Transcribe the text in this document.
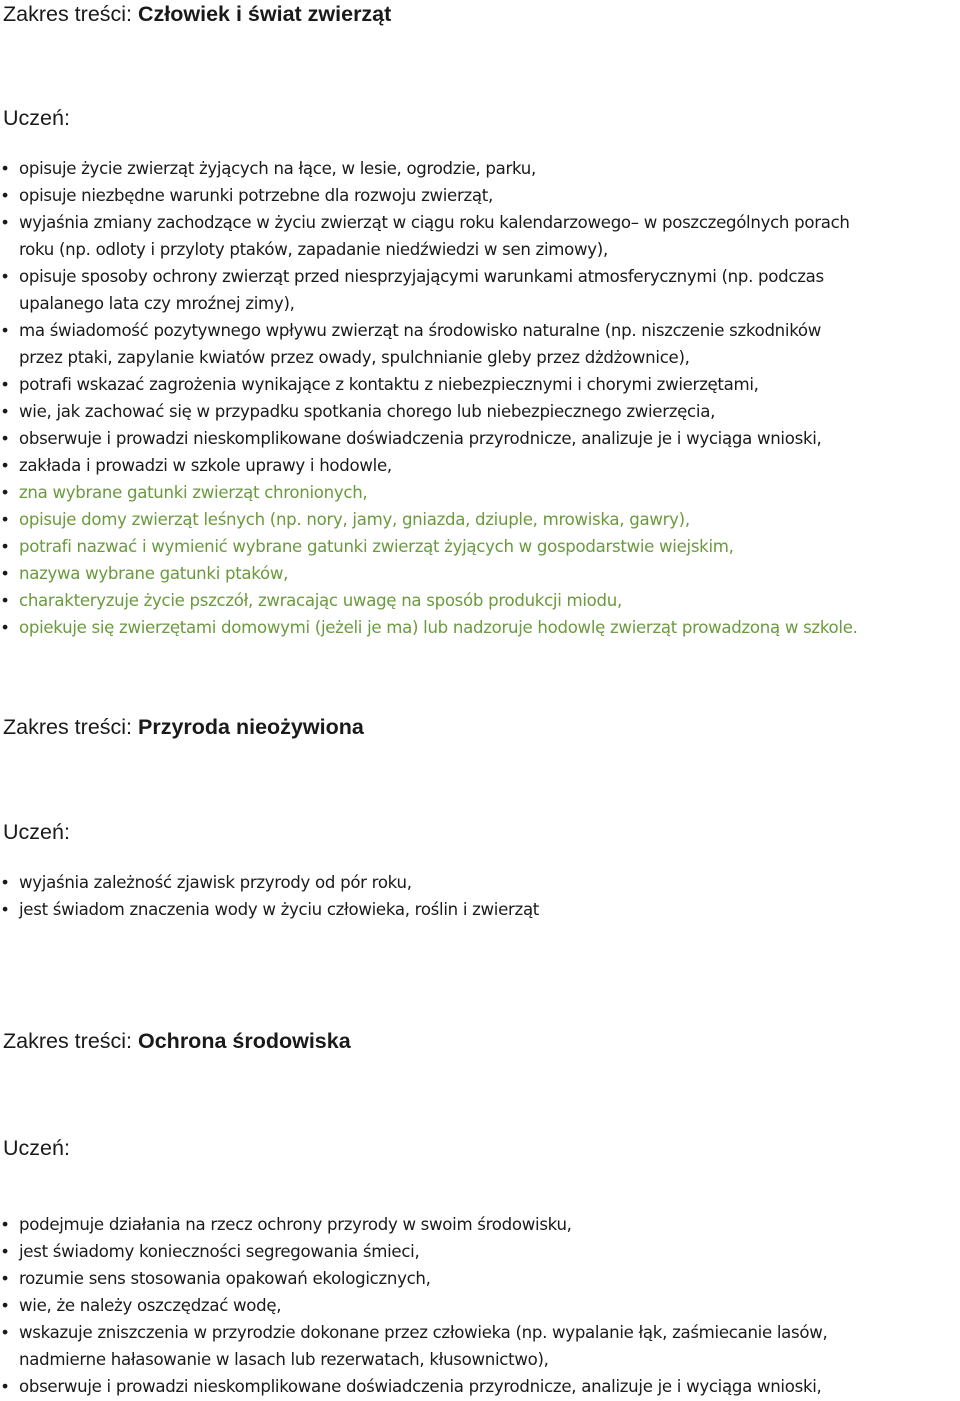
Zakres treści: Człowiek i świat zwierząt
Uczeń:
• opisuje życie zwierząt żyjących na łące, w lesie, ogrodzie, parku,
• opisuje niezbędne warunki potrzebne dla rozwoju zwierząt,
• wyjaśnia zmiany zachodzące w życiu zwierząt w ciągu roku kalendarzowego– w poszczególnych porach
roku (np. odloty i przyloty ptaków, zapadanie niedźwiedzi w sen zimowy),
• opisuje sposoby ochrony zwierząt przed niesprzyjającymi warunkami atmosferycznymi (np. podczas
upalanego lata czy mroźnej zimy),
• ma świadomość pozytywnego wpływu zwierząt na środowisko naturalne (np. niszczenie szkodników
przez ptaki, zapylanie kwiatów przez owady, spulchnianie gleby przez dżdżownice),
• potrafi wskazać zagrożenia wynikające z kontaktu z niebezpiecznymi i chorymi zwierzętami,
• wie, jak zachować się w przypadku spotkania chorego lub niebezpiecznego zwierzęcia,
• obserwuje i prowadzi nieskomplikowane doświadczenia przyrodnicze, analizuje je i wyciąga wnioski,
• zakłada i prowadzi w szkole uprawy i hodowle,
• zna wybrane gatunki zwierząt chronionych,
• opisuje domy zwierząt leśnych (np. nory, jamy, gniazda, dziuple, mrowiska, gawry),
• potrafi nazwać i wymienić wybrane gatunki zwierząt żyjących w gospodarstwie wiejskim,
• nazywa wybrane gatunki ptaków,
• charakteryzuje życie pszczół, zwracając uwagę na sposób produkcji miodu,
• opiekuje się zwierzętami domowymi (jeżeli je ma) lub nadzoruje hodowlę zwierząt prowadzoną w szkole.
Zakres treści: Przyroda nieożywiona
Uczeń:
• wyjaśnia zależność zjawisk przyrody od pór roku,
• jest świadom znaczenia wody w życiu człowieka, roślin i zwierząt
Zakres treści: Ochrona środowiska
Uczeń:
• podejmuje działania na rzecz ochrony przyrody w swoim środowisku,
• jest świadomy konieczności segregowania śmieci,
• rozumie sens stosowania opakowań ekologicznych,
• wie, że należy oszczędzać wodę,
• wskazuje zniszczenia w przyrodzie dokonane przez człowieka (np. wypalanie łąk, zaśmiecanie lasów,
nadmierne hałasowanie w lasach lub rezerwatach, kłusownictwo),
• obserwuje i prowadzi nieskomplikowane doświadczenia przyrodnicze, analizuje je i wyciąga wnioski,
